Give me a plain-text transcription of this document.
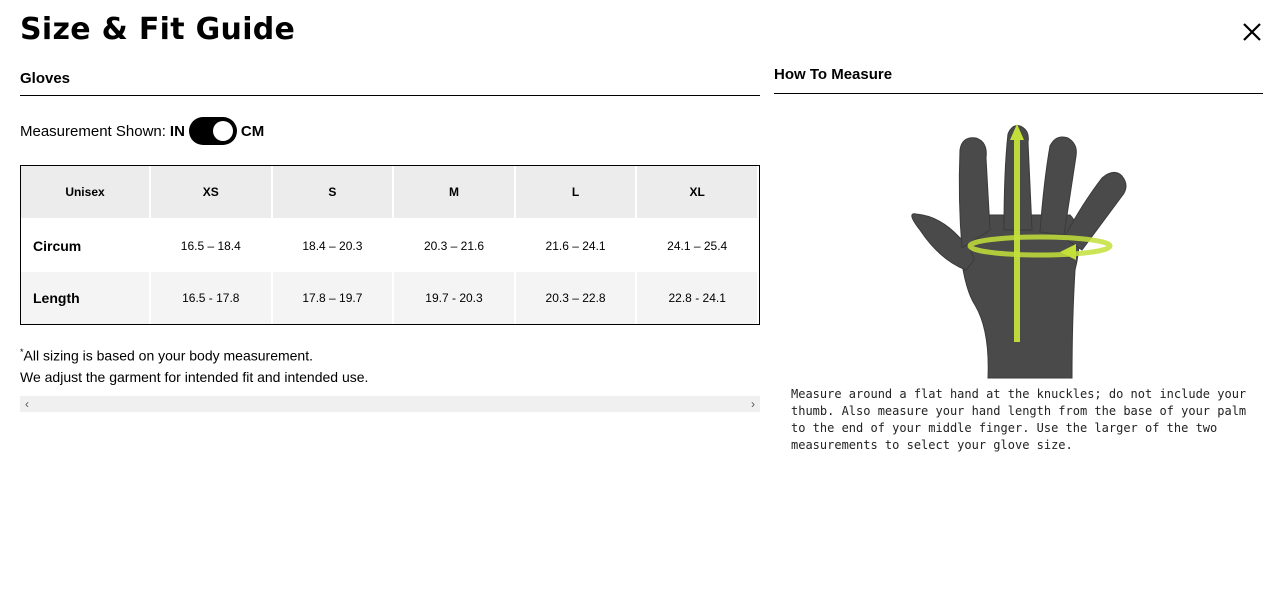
Size & Fit Guide
Gloves
Measurement Shown: IN	CM
Unisex	XS	S	M	L	XL
Circum	16.5 – 18.4	18.4 – 20.3	20.3 – 21.6	21.6 – 24.1	24.1 – 25.4
Length	16.5 - 17.8	17.8 – 19.7	19.7 - 20.3	20.3 – 22.8	22.8 - 24.1
*All sizing is based on your body measurement.
We adjust the garment for intended fit and intended use.
‹	›
How To Measure
Measure around a flat hand at the knuckles; do not include your thumb. Also measure your hand length from the base of your palm to the end of your middle finger. Use the larger of the two measurements to select your glove size.
